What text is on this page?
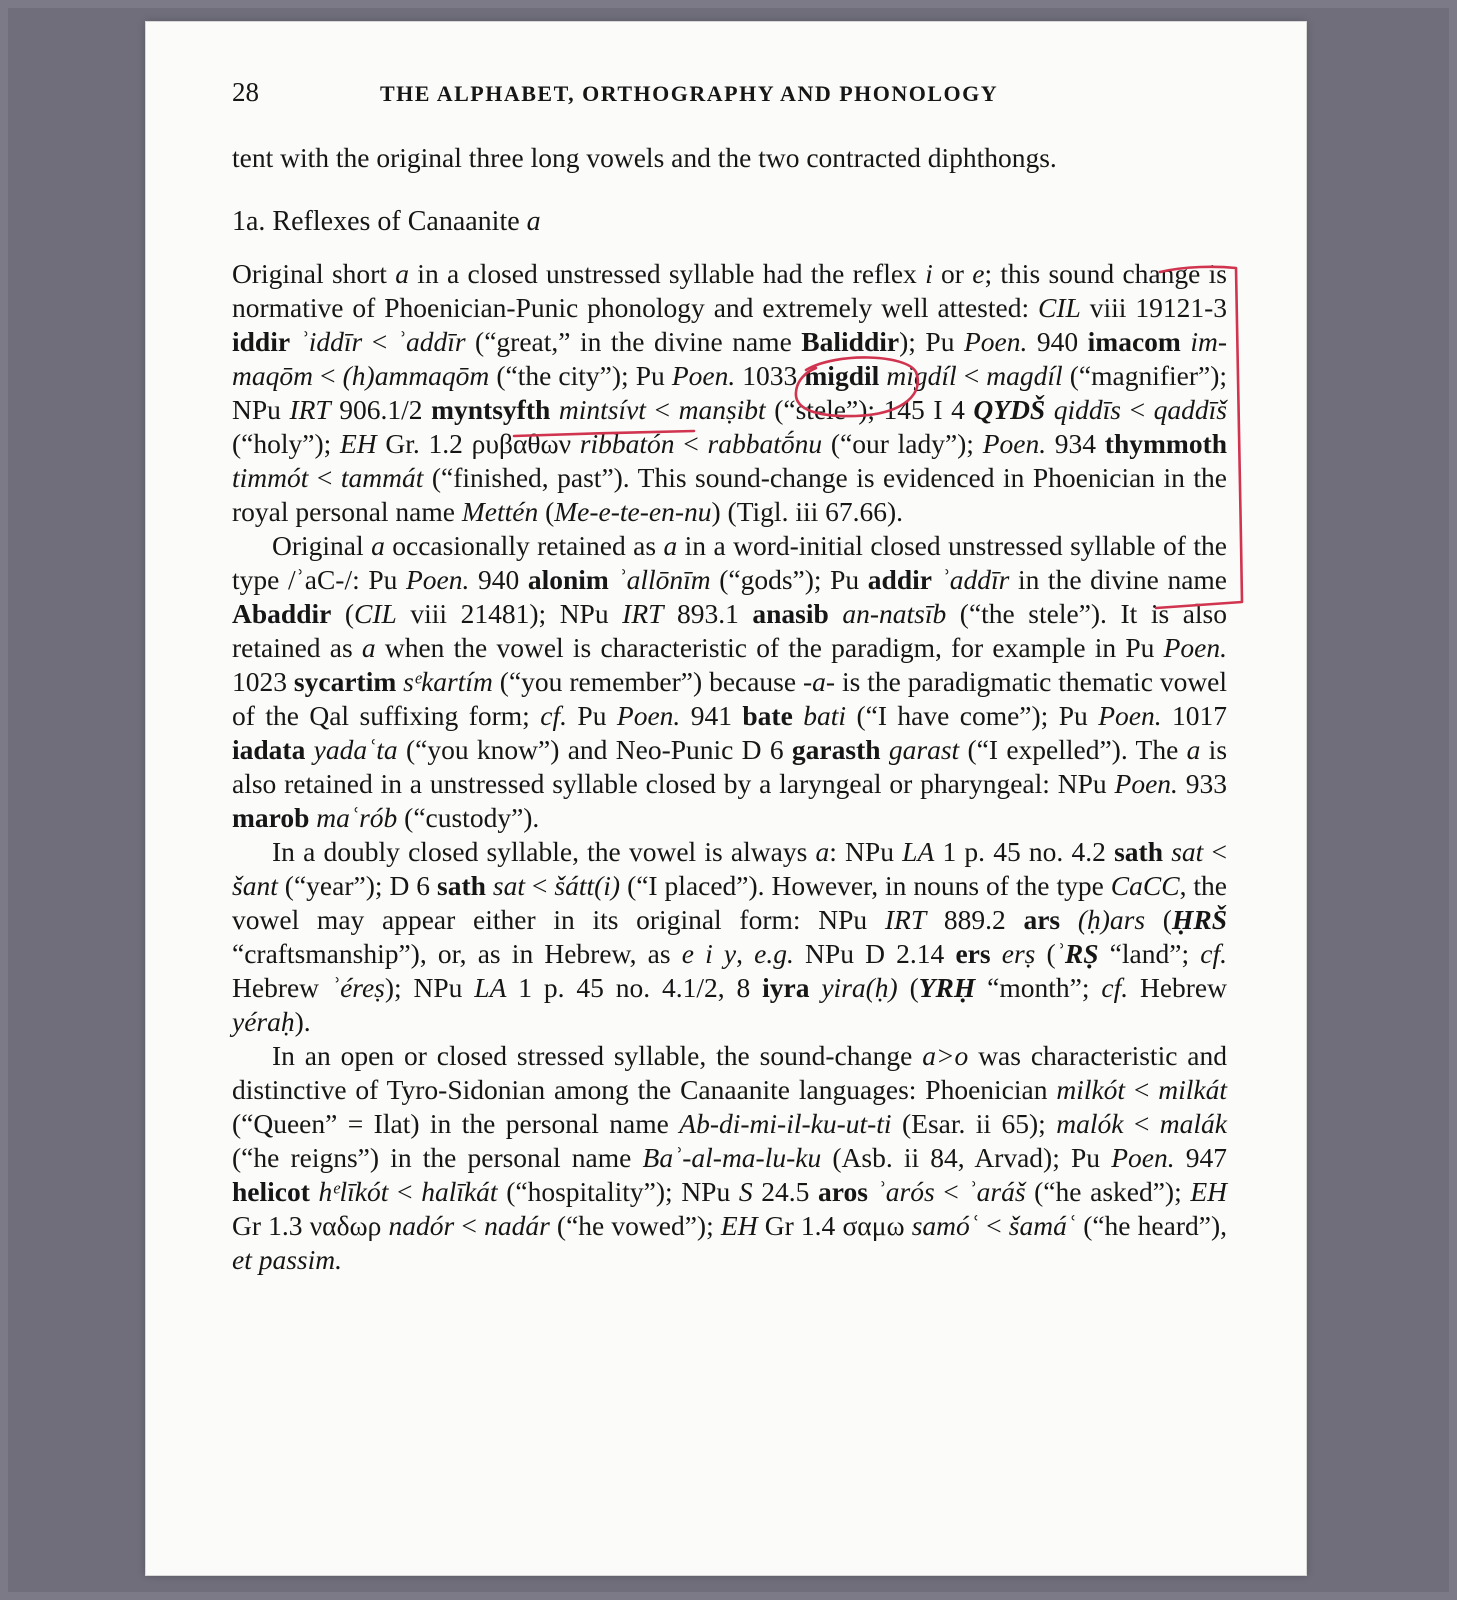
28	THE ALPHABET, ORTHOGRAPHY AND PHONOLOGY

tent with the original three long vowels and the two contracted diphthongs.

1a. Reflexes of Canaanite a

Original short a in a closed unstressed syllable had the reflex i or e; this sound change is normative of Phoenician-Punic phonology and extremely well attested: CIL viii 19121-3 iddir ʾiddīr < ʾaddīr (“great,” in the divine name Baliddir); Pu Poen. 940 imacom im-maqōm < (h)ammaqōm (“the city”); Pu Poen. 1033 migdil migdíl < magdíl (“magnifier”); NPu IRT 906.1/2 myntsyfth mintsívt < manṣibt (“stele”); 145 I 4 QYDŠ qiddīs < qaddīš (“holy”); EH Gr. 1.2 ρυβαθων ribbatón < rabbatṓnu (“our lady”); Poen. 934 thymmoth timmót < tammát (“finished, past”). This sound-change is evidenced in Phoenician in the royal personal name Mettén (Me-e-te-en-nu) (Tigl. iii 67.66).

Original a occasionally retained as a in a word-initial closed unstressed syllable of the type /ʾaC-/: Pu Poen. 940 alonim ʾallōnīm (“gods”); Pu addir ʾaddīr in the divine name Abaddir (CIL viii 21481); NPu IRT 893.1 anasib an-natsīb (“the stele”). It is also retained as a when the vowel is characteristic of the paradigm, for example in Pu Poen. 1023 sycartim sᵉkartím (“you remember”) because -a- is the paradigmatic thematic vowel of the Qal suffixing form; cf. Pu Poen. 941 bate bati (“I have come”); Pu Poen. 1017 iadata yadaʿta (“you know”) and Neo-Punic D 6 garasth garast (“I expelled”). The a is also retained in a unstressed syllable closed by a laryngeal or pharyngeal: NPu Poen. 933 marob maʿrób (“custody”).

In a doubly closed syllable, the vowel is always a: NPu LA 1 p. 45 no. 4.2 sath sat < šant (“year”); D 6 sath sat < šátt(i) (“I placed”). However, in nouns of the type CaCC, the vowel may appear either in its original form: NPu IRT 889.2 ars (ḥ)ars (ḤRŠ “craftsmanship”), or, as in Hebrew, as e i y, e.g. NPu D 2.14 ers erṣ (ʾRṢ “land”; cf. Hebrew ʾéreṣ); NPu LA 1 p. 45 no. 4.1/2, 8 iyra yira(ḥ) (YRḤ “month”; cf. Hebrew yéraḥ).

In an open or closed stressed syllable, the sound-change a>o was characteristic and distinctive of Tyro-Sidonian among the Canaanite languages: Phoenician milkót < milkát (“Queen” = Ilat) in the personal name Ab-di-mi-il-ku-ut-ti (Esar. ii 65); malók < malák (“he reigns”) in the personal name Baʾ-al-ma-lu-ku (Asb. ii 84, Arvad); Pu Poen. 947 helicot hᵉlīkót < halīkát (“hospitality”); NPu S 24.5 aros ʾarós < ʾaráš (“he asked”); EH Gr 1.3 ναδωρ nadór < nadár (“he vowed”); EH Gr 1.4 σαμω samóʿ < šamáʿ (“he heard”), et passim.
